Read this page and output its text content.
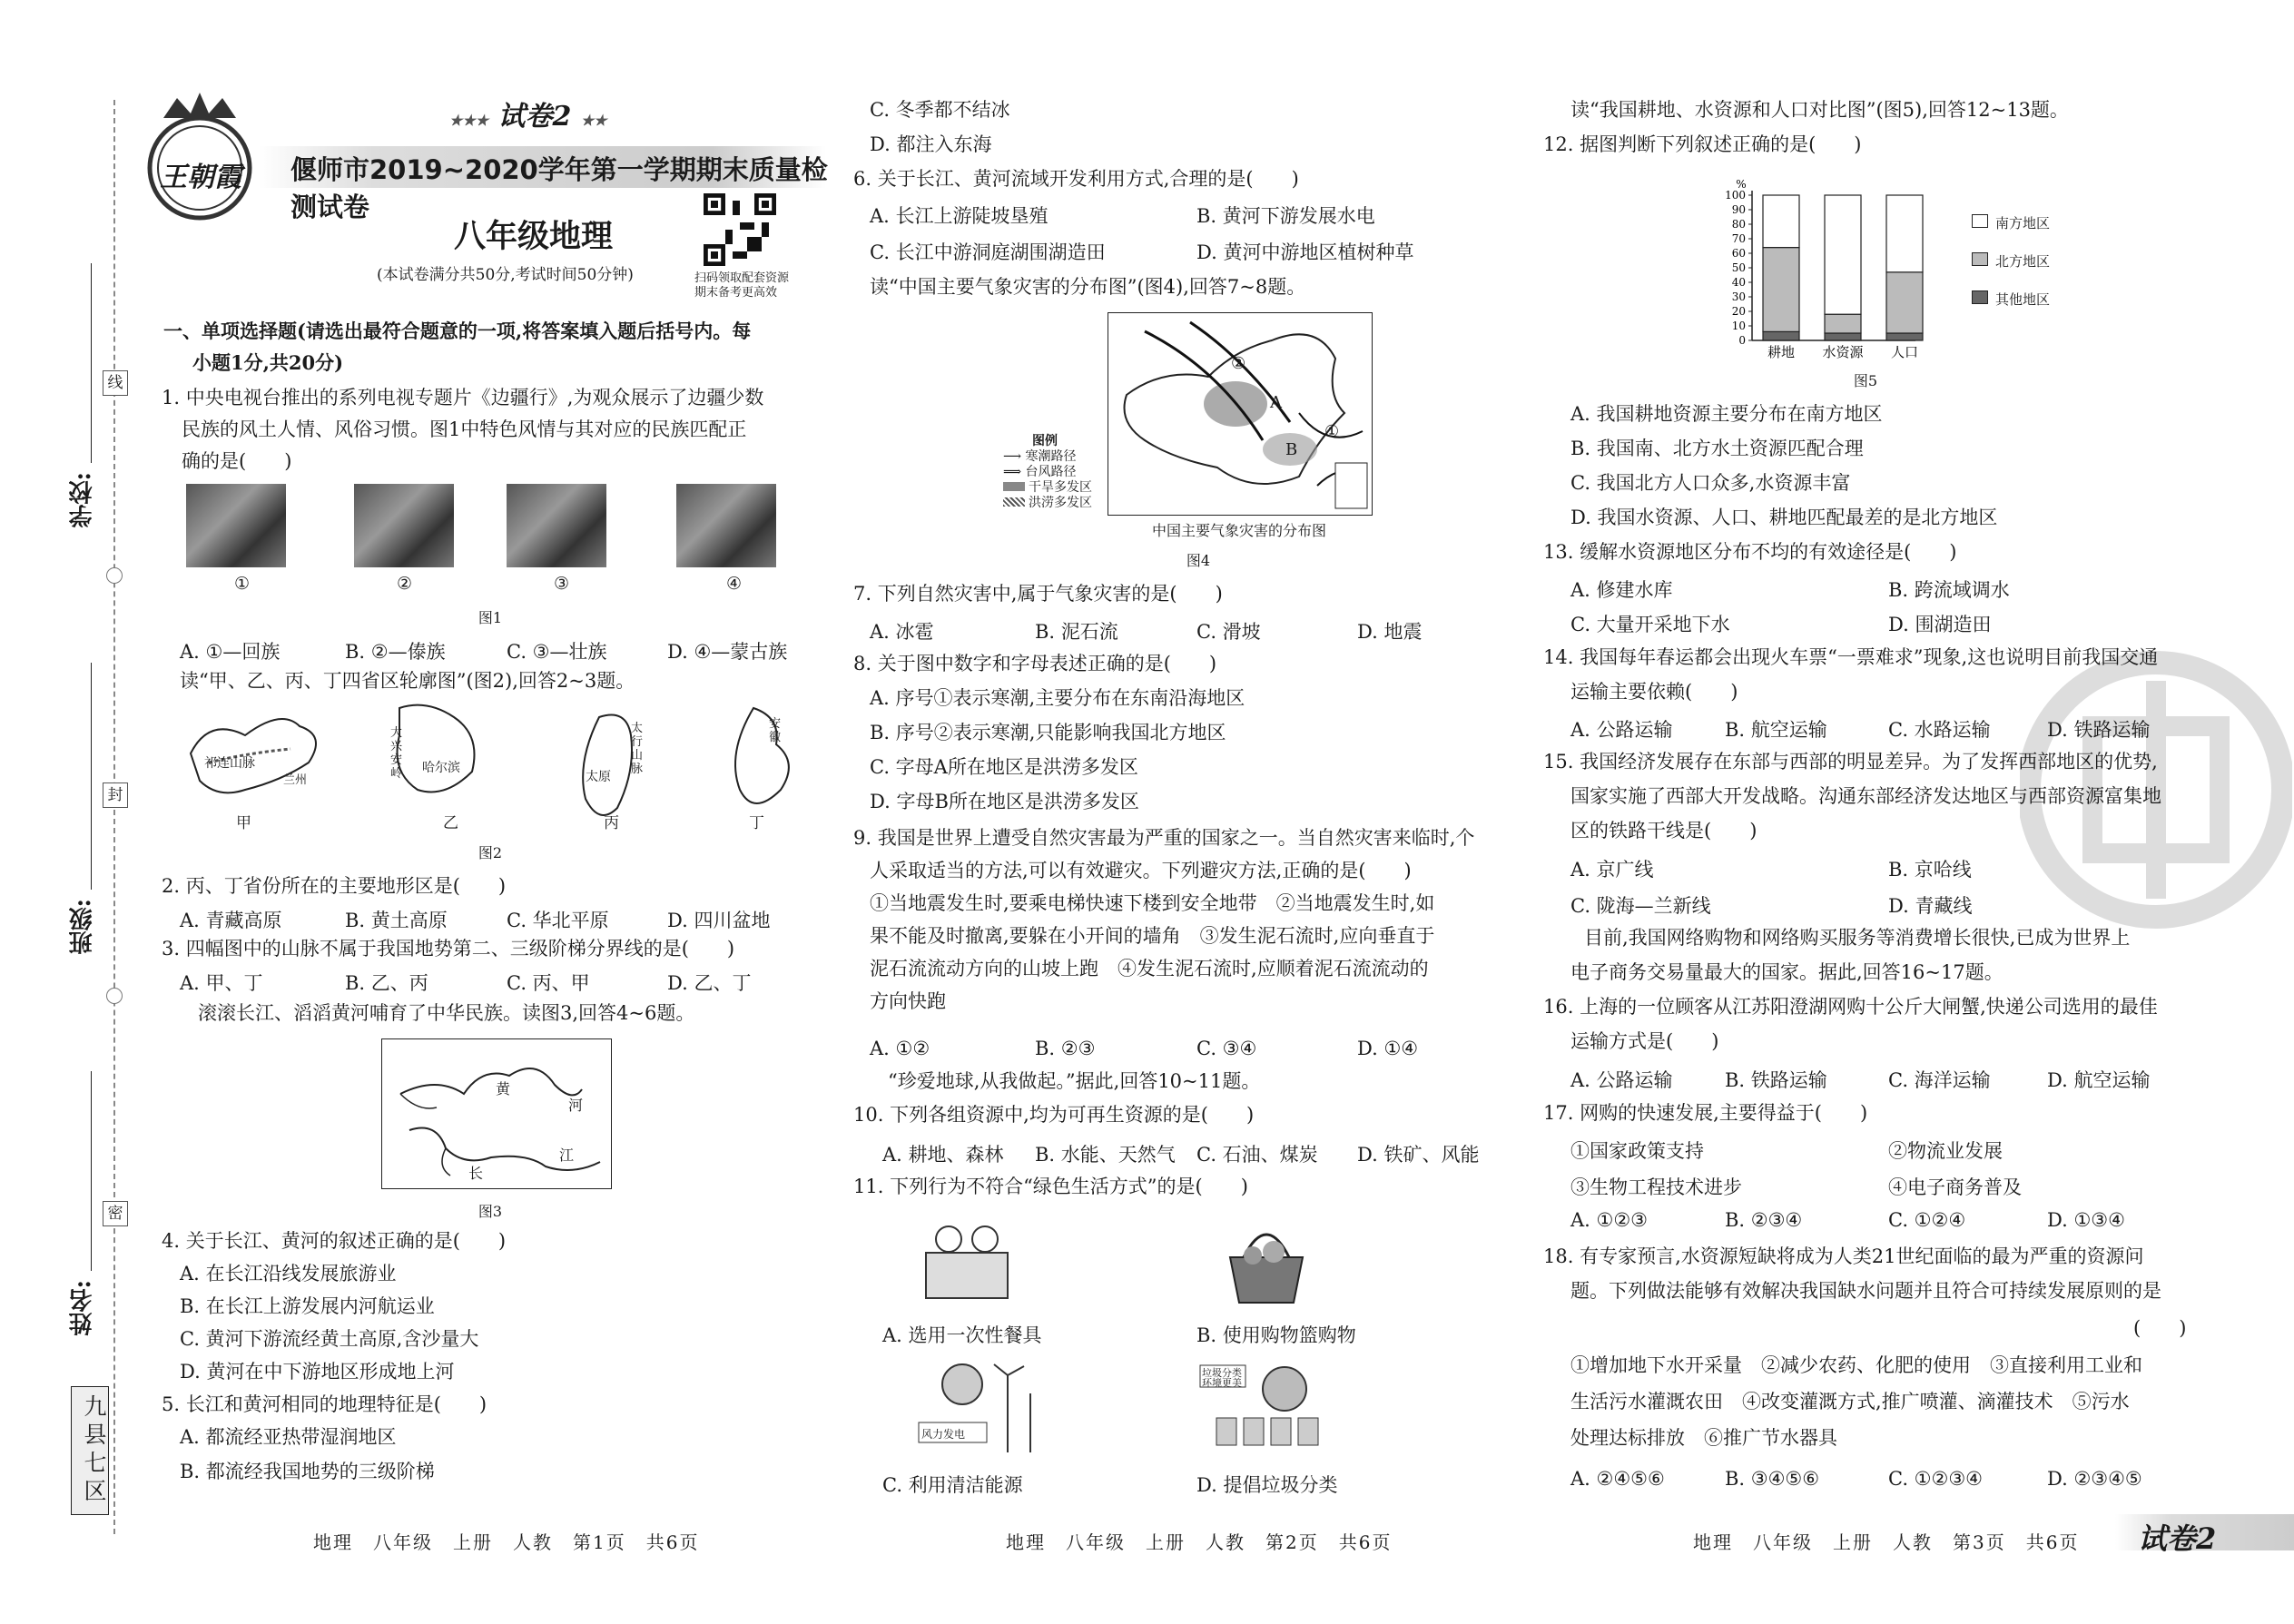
线
封
密
学校:
班级:
姓名:
九县七区
王朝霞
★★★ 试卷2 ★★
偃师市2019~2020学年第一学期期末质量检测试卷
八年级地理
(本试卷满分共50分,考试时间50分钟)	扫码领取配套资源
期末备考更高效
一、单项选择题(请选出最符合题意的一项,将答案填入题后括号内。每
小题1分,共20分)
1. 中央电视台推出的系列电视专题片《边疆行》,为观众展示了边疆少数
民族的风土人情、风俗习惯。图1中特色风情与其对应的民族匹配正
确的是(　　)
①	②	③	④
图1
A. ①—回族	B. ②—傣族	C. ③—壮族	D. ④—蒙古族
读“甲、乙、丙、丁四省区轮廓图”(图2),回答2~3题。
祁连山脉
兰州
大兴安岭 哈尔滨
太行山脉
太原
安徽
甲	乙	丙	丁
图2
2. 丙、丁省份所在的主要地形区是(　　)
A. 青藏高原	B. 黄土高原	C. 华北平原	D. 四川盆地
3. 四幅图中的山脉不属于我国地势第二、三级阶梯分界线的是(　　)
A. 甲、丁	B. 乙、丙	C. 丙、甲	D. 乙、丁
滚滚长江、滔滔黄河哺育了中华民族。读图3,回答4~6题。
黄
河
长
江
图3
4. 关于长江、黄河的叙述正确的是(　　)
A. 在长江沿线发展旅游业
B. 在长江上游发展内河航运业
C. 黄河下游流经黄土高原,含沙量大
D. 黄河在中下游地区形成地上河
5. 长江和黄河相同的地理特征是(　　)
A. 都流经亚热带湿润地区
B. 都流经我国地势的三级阶梯
地理　八年级　上册　人教　第1页　共6页
C. 冬季都不结冰
D. 都注入东海
6. 关于长江、黄河流域开发利用方式,合理的是(　　)
A. 长江上游陡坡垦殖	B. 黄河下游发展水电
C. 长江中游洞庭湖围湖造田	D. 黄河中游地区植树种草
读“中国主要气象灾害的分布图”(图4),回答7~8题。
②
①
A
B
图例
⟶ 寒潮路径
⟹ 台风路径
干旱多发区
洪涝多发区
中国主要气象灾害的分布图
图4
7. 下列自然灾害中,属于气象灾害的是(　　)
A. 冰雹	B. 泥石流	C. 滑坡	D. 地震
8. 关于图中数字和字母表述正确的是(　　)
A. 序号①表示寒潮,主要分布在东南沿海地区
B. 序号②表示寒潮,只能影响我国北方地区
C. 字母A所在地区是洪涝多发区
D. 字母B所在地区是洪涝多发区
9. 我国是世界上遭受自然灾害最为严重的国家之一。当自然灾害来临时,个
人采取适当的方法,可以有效避灾。下列避灾方法,正确的是(　　)
①当地震发生时,要乘电梯快速下楼到安全地带　②当地震发生时,如
果不能及时撤离,要躲在小开间的墙角　③发生泥石流时,应向垂直于
泥石流流动方向的山坡上跑　④发生泥石流时,应顺着泥石流流动的
方向快跑
A. ①②	B. ②③	C. ③④	D. ①④
“珍爱地球,从我做起。”据此,回答10~11题。
10. 下列各组资源中,均为可再生资源的是(　　)
A. 耕地、森林 B. 水能、天然气 C. 石油、煤炭 D. 铁矿、风能
11. 下列行为不符合“绿色生活方式”的是(　　)
A. 选用一次性餐具	B. 使用购物篮购物
风力发电
垃圾分类 环境更美
C. 利用清洁能源	D. 提倡垃圾分类
地理　八年级　上册　人教　第2页　共6页
读“我国耕地、水资源和人口对比图”(图5),回答12~13题。
12. 据图判断下列叙述正确的是(　　)
%
0
10
20
30
40
50
60
70
80
90
100
耕地 水资源 人口
南方地区
北方地区
其他地区
图5
A. 我国耕地资源主要分布在南方地区
B. 我国南、北方水土资源匹配合理
C. 我国北方人口众多,水资源丰富
D. 我国水资源、人口、耕地匹配最差的是北方地区
13. 缓解水资源地区分布不均的有效途径是(　　)
A. 修建水库	B. 跨流域调水
C. 大量开采地下水	D. 围湖造田
14. 我国每年春运都会出现火车票“一票难求”现象,这也说明目前我国交通
运输主要依赖(　　)
A. 公路运输	B. 航空运输	C. 水路运输	D. 铁路运输
15. 我国经济发展存在东部与西部的明显差异。为了发挥西部地区的优势,
国家实施了西部大开发战略。沟通东部经济发达地区与西部资源富集地
区的铁路干线是(　　)
A. 京广线	B. 京哈线
C. 陇海—兰新线	D. 青藏线
目前,我国网络购物和网络购买服务等消费增长很快,已成为世界上
电子商务交易量最大的国家。据此,回答16~17题。
16. 上海的一位顾客从江苏阳澄湖网购十公斤大闸蟹,快递公司选用的最佳
运输方式是(　　)
A. 公路运输	B. 铁路运输	C. 海洋运输	D. 航空运输
17. 网购的快速发展,主要得益于(　　)
①国家政策支持	②物流业发展
③生物工程技术进步	④电子商务普及
A. ①②③	B. ②③④	C. ①②④	D. ①③④
18. 有专家预言,水资源短缺将成为人类21世纪面临的最为严重的资源问
题。下列做法能够有效解决我国缺水问题并且符合可持续发展原则的是
(　　)
①增加地下水开采量　②减少农药、化肥的使用　③直接利用工业和
生活污水灌溉农田　④改变灌溉方式,推广喷灌、滴灌技术　⑤污水
处理达标排放　⑥推广节水器具
A. ②④⑤⑥	B. ③④⑤⑥	C. ①②③④	D. ②③④⑤
地理　八年级　上册　人教　第3页　共6页 试卷2
